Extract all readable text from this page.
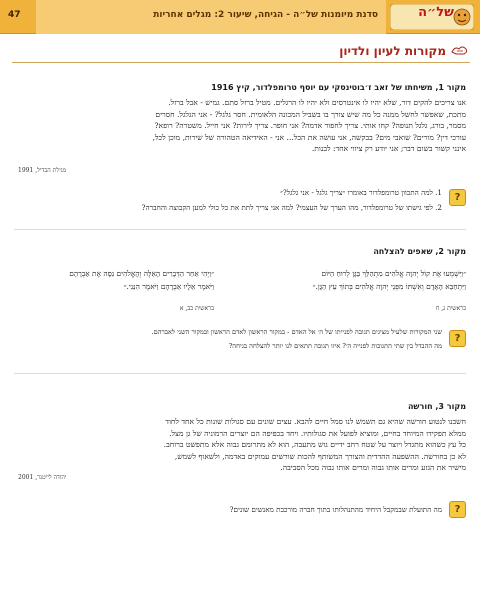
47	סדנת מיומנות של״ה - הגיחה, שיעור 2: מגלים אחריות	של״ה
מקורות לעיון ולדיון
מקור 1, משיחתו של זאב ז׳בוטינסקי עם יוסף טרומפלדור, קיץ 1916
אנו צריכים להקים דור, שלא יהיו לו אינטרסים ולא יהיו לו הרגלים. מטיל ברזל סתם. גמיש - אבל ברזל.
מתכת, שאפשר לחשל ממנה כל מה שיש צורך בו בשביל המכונה הלאומית. חסר גלגל? - אני הגלגל. חסרים
מסמר, בורג, גלגל תנופה? קחו אותי. צריך לחפור אדמה? אני חופר. צריך לירות? אני חייל. משטרה? רופא?
עורכי דין? מורים? שואבי מים? בבקשה, אני עושה את הכל... אני - האידיאה הטהורה של שירות, מוכן לכל,
אינני קשור בשום דבר; אני יודע רק ציווי אחד: לבנות.
מגילת הבדיל, 1991
?
1. למה התכוון טרומפלדור באומרו ״צריך גלגל - אני גלגל?״
2. לפי גישתו של טרומפלדור, מהו הערך של העצמי? למה אני צריך לתת את כל כולי למען הקבוצה והחברה?
מקור 2, שאפים להצלחה
״וַיִּשְׁמְעוּ אֶת קוֹל יְהוָה אֱלֹהִים מִתְהַלֵּךְ בַּגָּן לְרוּחַ הַיּוֹם
וַיִּתְחַבֵּא הָאָדָם וְאִשְׁתּוֹ מִפְּנֵי יְהוָה אֱלֹהִים בְּתוֹךְ עֵץ הַגָּן.״
בראשית ג, ח
״וַיְהִי אַחַר הַדְּבָרִים הָאֵלֶּה וְהָאֱלֹהִים נִסָּה אֶת אַבְרָהָם
וַיֹּאמֶר אֵלָיו אַבְרָהָם וַיֹּאמֶר הִנֵּנִי.״
בראשית כב, א
?
שני המקורות שלעיל מציגים תגובה לפנייתו של ה׳ אל האדם - במקור הראשון לאדם הראשון ובמקור השני לאברהם.
מה ההבדל בין שתי התגובות לפנייה ה׳? איזו תגובה תתאים לנו יותר להצלחה בגיחה?
מקור 3, חורשה
חשבנו לנטוע חורשה שהיא גם תשמש לנו סמל חיים להבא. עצים שונים עם סגולות שונות כל אחד לחוד
ממלא תפקידו המיוחד בחיים, ומוציא לפועל את סגולותיו. ויחד בכפיפה הם יוצרים הרמוניה של גן מצל.
כל עץ כשהוא מתגדל ויוצר על שטח רחב ידיים גוש מתעבה, הוא לא מתרומם גבוה אלא מתפשט ברוחב.
לא כן בחורשה. ההשפעה ההדדית והצורך המשותף להכות שורשים עמוקים באדמה, ולשאוף לשמש,
מישיר את הגזע ומרים אותו גבוה ומרים אותו גבוה מכל הסביבה.
יהודה לייטנר, 2001
?
מה התועלת שבמקבל היחיד מהתנהלותו בתוך חברה מורכבת מאנשים שונים?
